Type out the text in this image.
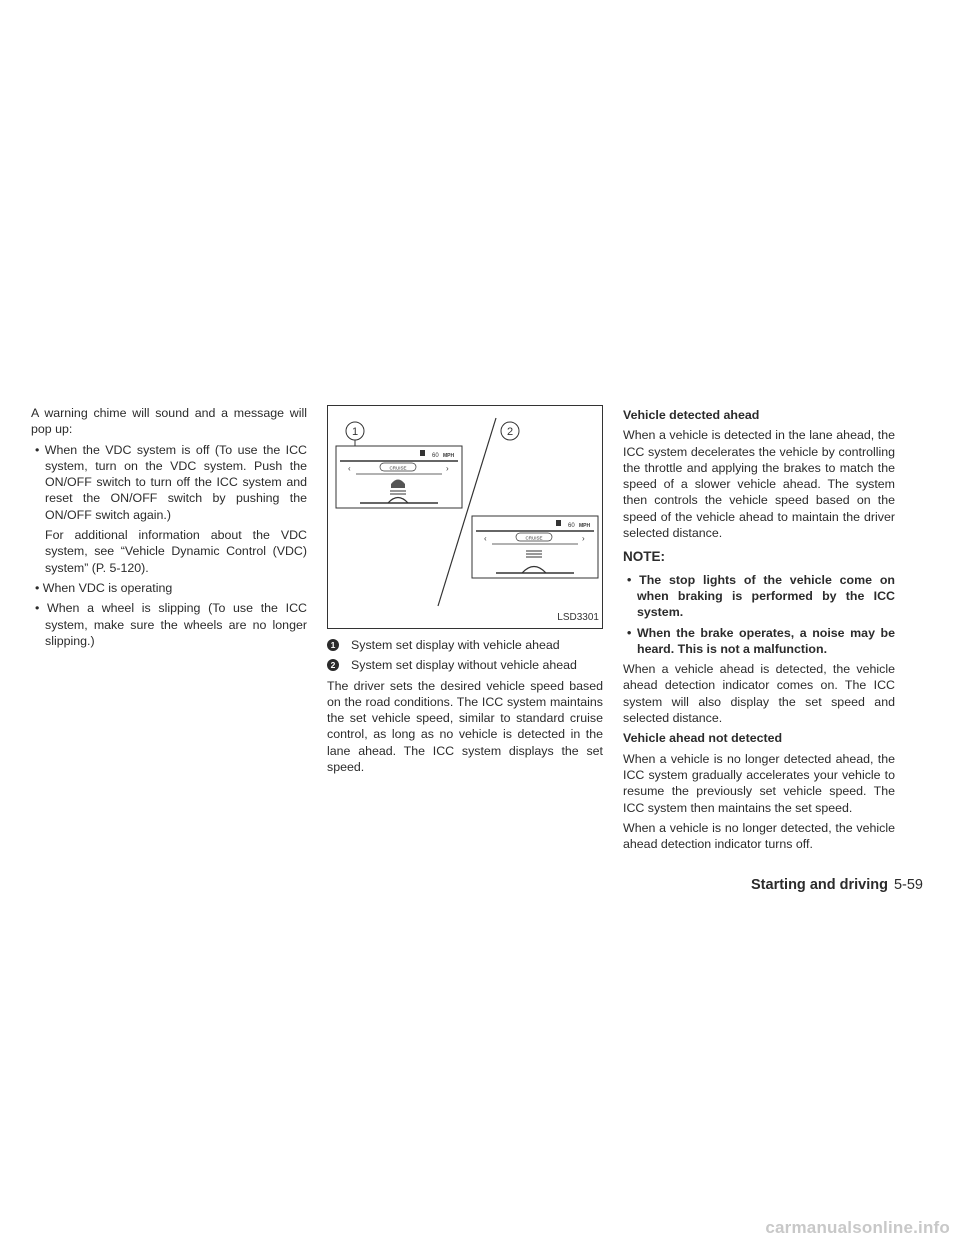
A warning chime will sound and a message will pop up:

• When the VDC system is off (To use the ICC system, turn on the VDC system. Push the ON/OFF switch to turn off the ICC system and reset the ON/OFF switch by pushing the ON/OFF switch again.)

For additional information about the VDC system, see “Vehicle Dynamic Control (VDC) system” (P. 5-120).

• When VDC is operating

• When a wheel is slipping (To use the ICC system, make sure the wheels are no longer slipping.)

1	2
60 MPH
‹	›
CRUISE
60 MPH
‹	›
CRUISE
LSD3301

1 System set display with vehicle ahead

2 System set display without vehicle ahead

The driver sets the desired vehicle speed based on the road conditions. The ICC system maintains the set vehicle speed, similar to standard cruise control, as long as no vehicle is detected in the lane ahead. The ICC system displays the set speed.

Vehicle detected ahead

When a vehicle is detected in the lane ahead, the ICC system decelerates the vehicle by controlling the throttle and applying the brakes to match the speed of a slower vehicle ahead. The system then controls the vehicle speed based on the speed of the vehicle ahead to maintain the driver selected distance.

NOTE:

• The stop lights of the vehicle come on when braking is performed by the ICC system.

• When the brake operates, a noise may be heard. This is not a malfunction.

When a vehicle ahead is detected, the vehicle ahead detection indicator comes on. The ICC system will also display the set speed and selected distance.

Vehicle ahead not detected

When a vehicle is no longer detected ahead, the ICC system gradually accelerates your vehicle to resume the previously set vehicle speed. The ICC system then maintains the set speed.

When a vehicle is no longer detected, the vehicle ahead detection indicator turns off.

Starting and driving 5-59
carmanualsonline.info
